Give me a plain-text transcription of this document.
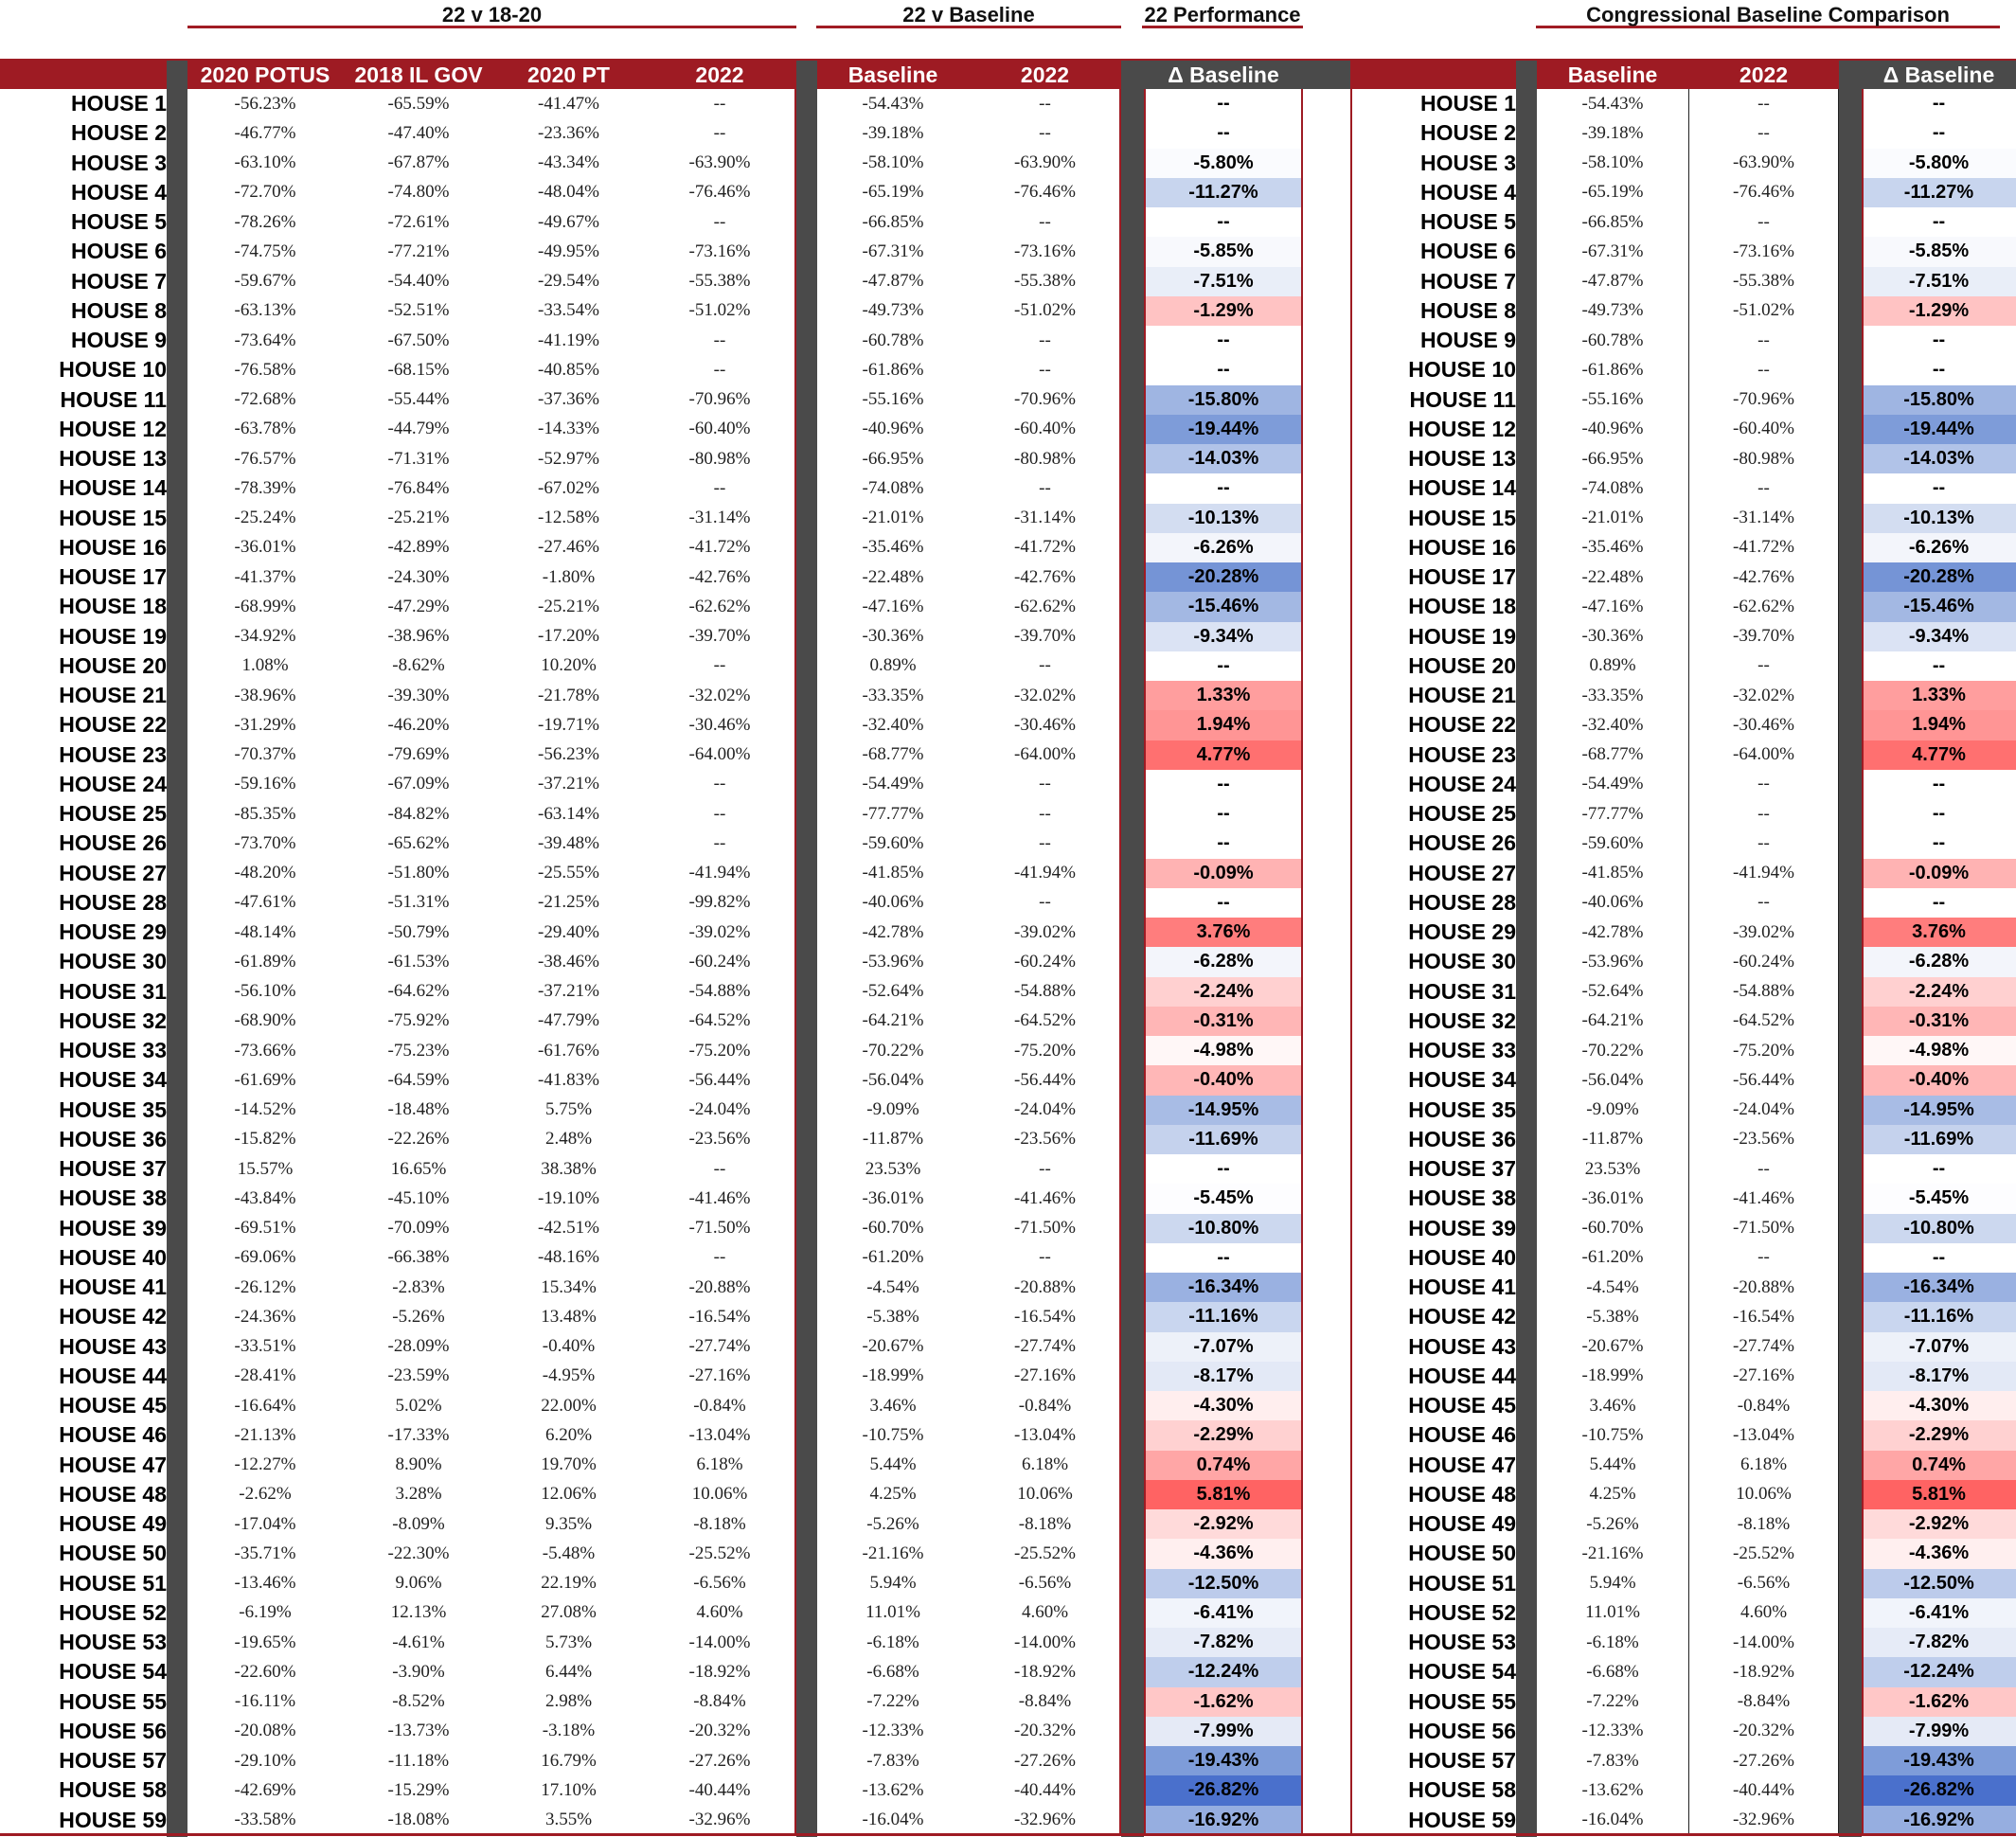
22 v 18-20	22 v Baseline	22 Performance	Congressional Baseline Comparison
2020 POTUS	2018 IL GOV	2020 PT	2022	Baseline	2022	Δ Baseline	Baseline	2022	Δ Baseline
HOUSE 1		-56.23%	-65.59%	-41.47%	--		-54.43%	--		--
HOUSE 2		-46.77%	-47.40%	-23.36%	--		-39.18%	--		--
HOUSE 3		-63.10%	-67.87%	-43.34%	-63.90%		-58.10%	-63.90%		-5.80%
HOUSE 4		-72.70%	-74.80%	-48.04%	-76.46%		-65.19%	-76.46%		-11.27%
HOUSE 5		-78.26%	-72.61%	-49.67%	--		-66.85%	--		--
HOUSE 6		-74.75%	-77.21%	-49.95%	-73.16%		-67.31%	-73.16%		-5.85%
HOUSE 7		-59.67%	-54.40%	-29.54%	-55.38%		-47.87%	-55.38%		-7.51%
HOUSE 8		-63.13%	-52.51%	-33.54%	-51.02%		-49.73%	-51.02%		-1.29%
HOUSE 9		-73.64%	-67.50%	-41.19%	--		-60.78%	--		--
HOUSE 10		-76.58%	-68.15%	-40.85%	--		-61.86%	--		--
HOUSE 11		-72.68%	-55.44%	-37.36%	-70.96%		-55.16%	-70.96%		-15.80%
HOUSE 12		-63.78%	-44.79%	-14.33%	-60.40%		-40.96%	-60.40%		-19.44%
HOUSE 13		-76.57%	-71.31%	-52.97%	-80.98%		-66.95%	-80.98%		-14.03%
HOUSE 14		-78.39%	-76.84%	-67.02%	--		-74.08%	--		--
HOUSE 15		-25.24%	-25.21%	-12.58%	-31.14%		-21.01%	-31.14%		-10.13%
HOUSE 16		-36.01%	-42.89%	-27.46%	-41.72%		-35.46%	-41.72%		-6.26%
HOUSE 17		-41.37%	-24.30%	-1.80%	-42.76%		-22.48%	-42.76%		-20.28%
HOUSE 18		-68.99%	-47.29%	-25.21%	-62.62%		-47.16%	-62.62%		-15.46%
HOUSE 19		-34.92%	-38.96%	-17.20%	-39.70%		-30.36%	-39.70%		-9.34%
HOUSE 20		1.08%	-8.62%	10.20%	--		0.89%	--		--
HOUSE 21		-38.96%	-39.30%	-21.78%	-32.02%		-33.35%	-32.02%		1.33%
HOUSE 22		-31.29%	-46.20%	-19.71%	-30.46%		-32.40%	-30.46%		1.94%
HOUSE 23		-70.37%	-79.69%	-56.23%	-64.00%		-68.77%	-64.00%		4.77%
HOUSE 24		-59.16%	-67.09%	-37.21%	--		-54.49%	--		--
HOUSE 25		-85.35%	-84.82%	-63.14%	--		-77.77%	--		--
HOUSE 26		-73.70%	-65.62%	-39.48%	--		-59.60%	--		--
HOUSE 27		-48.20%	-51.80%	-25.55%	-41.94%		-41.85%	-41.94%		-0.09%
HOUSE 28		-47.61%	-51.31%	-21.25%	-99.82%		-40.06%	--		--
HOUSE 29		-48.14%	-50.79%	-29.40%	-39.02%		-42.78%	-39.02%		3.76%
HOUSE 30		-61.89%	-61.53%	-38.46%	-60.24%		-53.96%	-60.24%		-6.28%
HOUSE 31		-56.10%	-64.62%	-37.21%	-54.88%		-52.64%	-54.88%		-2.24%
HOUSE 32		-68.90%	-75.92%	-47.79%	-64.52%		-64.21%	-64.52%		-0.31%
HOUSE 33		-73.66%	-75.23%	-61.76%	-75.20%		-70.22%	-75.20%		-4.98%
HOUSE 34		-61.69%	-64.59%	-41.83%	-56.44%		-56.04%	-56.44%		-0.40%
HOUSE 35		-14.52%	-18.48%	5.75%	-24.04%		-9.09%	-24.04%		-14.95%
HOUSE 36		-15.82%	-22.26%	2.48%	-23.56%		-11.87%	-23.56%		-11.69%
HOUSE 37		15.57%	16.65%	38.38%	--		23.53%	--		--
HOUSE 38		-43.84%	-45.10%	-19.10%	-41.46%		-36.01%	-41.46%		-5.45%
HOUSE 39		-69.51%	-70.09%	-42.51%	-71.50%		-60.70%	-71.50%		-10.80%
HOUSE 40		-69.06%	-66.38%	-48.16%	--		-61.20%	--		--
HOUSE 41		-26.12%	-2.83%	15.34%	-20.88%		-4.54%	-20.88%		-16.34%
HOUSE 42		-24.36%	-5.26%	13.48%	-16.54%		-5.38%	-16.54%		-11.16%
HOUSE 43		-33.51%	-28.09%	-0.40%	-27.74%		-20.67%	-27.74%		-7.07%
HOUSE 44		-28.41%	-23.59%	-4.95%	-27.16%		-18.99%	-27.16%		-8.17%
HOUSE 45		-16.64%	5.02%	22.00%	-0.84%		3.46%	-0.84%		-4.30%
HOUSE 46		-21.13%	-17.33%	6.20%	-13.04%		-10.75%	-13.04%		-2.29%
HOUSE 47		-12.27%	8.90%	19.70%	6.18%		5.44%	6.18%		0.74%
HOUSE 48		-2.62%	3.28%	12.06%	10.06%		4.25%	10.06%		5.81%
HOUSE 49		-17.04%	-8.09%	9.35%	-8.18%		-5.26%	-8.18%		-2.92%
HOUSE 50		-35.71%	-22.30%	-5.48%	-25.52%		-21.16%	-25.52%		-4.36%
HOUSE 51		-13.46%	9.06%	22.19%	-6.56%		5.94%	-6.56%		-12.50%
HOUSE 52		-6.19%	12.13%	27.08%	4.60%		11.01%	4.60%		-6.41%
HOUSE 53		-19.65%	-4.61%	5.73%	-14.00%		-6.18%	-14.00%		-7.82%
HOUSE 54		-22.60%	-3.90%	6.44%	-18.92%		-6.68%	-18.92%		-12.24%
HOUSE 55		-16.11%	-8.52%	2.98%	-8.84%		-7.22%	-8.84%		-1.62%
HOUSE 56		-20.08%	-13.73%	-3.18%	-20.32%		-12.33%	-20.32%		-7.99%
HOUSE 57		-29.10%	-11.18%	16.79%	-27.26%		-7.83%	-27.26%		-19.43%
HOUSE 58		-42.69%	-15.29%	17.10%	-40.44%		-13.62%	-40.44%		-26.82%
HOUSE 59		-33.58%	-18.08%	3.55%	-32.96%		-16.04%	-32.96%		-16.92%
HOUSE 1		-54.43%	--		--
HOUSE 2		-39.18%	--		--
HOUSE 3		-58.10%	-63.90%		-5.80%
HOUSE 4		-65.19%	-76.46%		-11.27%
HOUSE 5		-66.85%	--		--
HOUSE 6		-67.31%	-73.16%		-5.85%
HOUSE 7		-47.87%	-55.38%		-7.51%
HOUSE 8		-49.73%	-51.02%		-1.29%
HOUSE 9		-60.78%	--		--
HOUSE 10		-61.86%	--		--
HOUSE 11		-55.16%	-70.96%		-15.80%
HOUSE 12		-40.96%	-60.40%		-19.44%
HOUSE 13		-66.95%	-80.98%		-14.03%
HOUSE 14		-74.08%	--		--
HOUSE 15		-21.01%	-31.14%		-10.13%
HOUSE 16		-35.46%	-41.72%		-6.26%
HOUSE 17		-22.48%	-42.76%		-20.28%
HOUSE 18		-47.16%	-62.62%		-15.46%
HOUSE 19		-30.36%	-39.70%		-9.34%
HOUSE 20		0.89%	--		--
HOUSE 21		-33.35%	-32.02%		1.33%
HOUSE 22		-32.40%	-30.46%		1.94%
HOUSE 23		-68.77%	-64.00%		4.77%
HOUSE 24		-54.49%	--		--
HOUSE 25		-77.77%	--		--
HOUSE 26		-59.60%	--		--
HOUSE 27		-41.85%	-41.94%		-0.09%
HOUSE 28		-40.06%	--		--
HOUSE 29		-42.78%	-39.02%		3.76%
HOUSE 30		-53.96%	-60.24%		-6.28%
HOUSE 31		-52.64%	-54.88%		-2.24%
HOUSE 32		-64.21%	-64.52%		-0.31%
HOUSE 33		-70.22%	-75.20%		-4.98%
HOUSE 34		-56.04%	-56.44%		-0.40%
HOUSE 35		-9.09%	-24.04%		-14.95%
HOUSE 36		-11.87%	-23.56%		-11.69%
HOUSE 37		23.53%	--		--
HOUSE 38		-36.01%	-41.46%		-5.45%
HOUSE 39		-60.70%	-71.50%		-10.80%
HOUSE 40		-61.20%	--		--
HOUSE 41		-4.54%	-20.88%		-16.34%
HOUSE 42		-5.38%	-16.54%		-11.16%
HOUSE 43		-20.67%	-27.74%		-7.07%
HOUSE 44		-18.99%	-27.16%		-8.17%
HOUSE 45		3.46%	-0.84%		-4.30%
HOUSE 46		-10.75%	-13.04%		-2.29%
HOUSE 47		5.44%	6.18%		0.74%
HOUSE 48		4.25%	10.06%		5.81%
HOUSE 49		-5.26%	-8.18%		-2.92%
HOUSE 50		-21.16%	-25.52%		-4.36%
HOUSE 51		5.94%	-6.56%		-12.50%
HOUSE 52		11.01%	4.60%		-6.41%
HOUSE 53		-6.18%	-14.00%		-7.82%
HOUSE 54		-6.68%	-18.92%		-12.24%
HOUSE 55		-7.22%	-8.84%		-1.62%
HOUSE 56		-12.33%	-20.32%		-7.99%
HOUSE 57		-7.83%	-27.26%		-19.43%
HOUSE 58		-13.62%	-40.44%		-26.82%
HOUSE 59		-16.04%	-32.96%		-16.92%
